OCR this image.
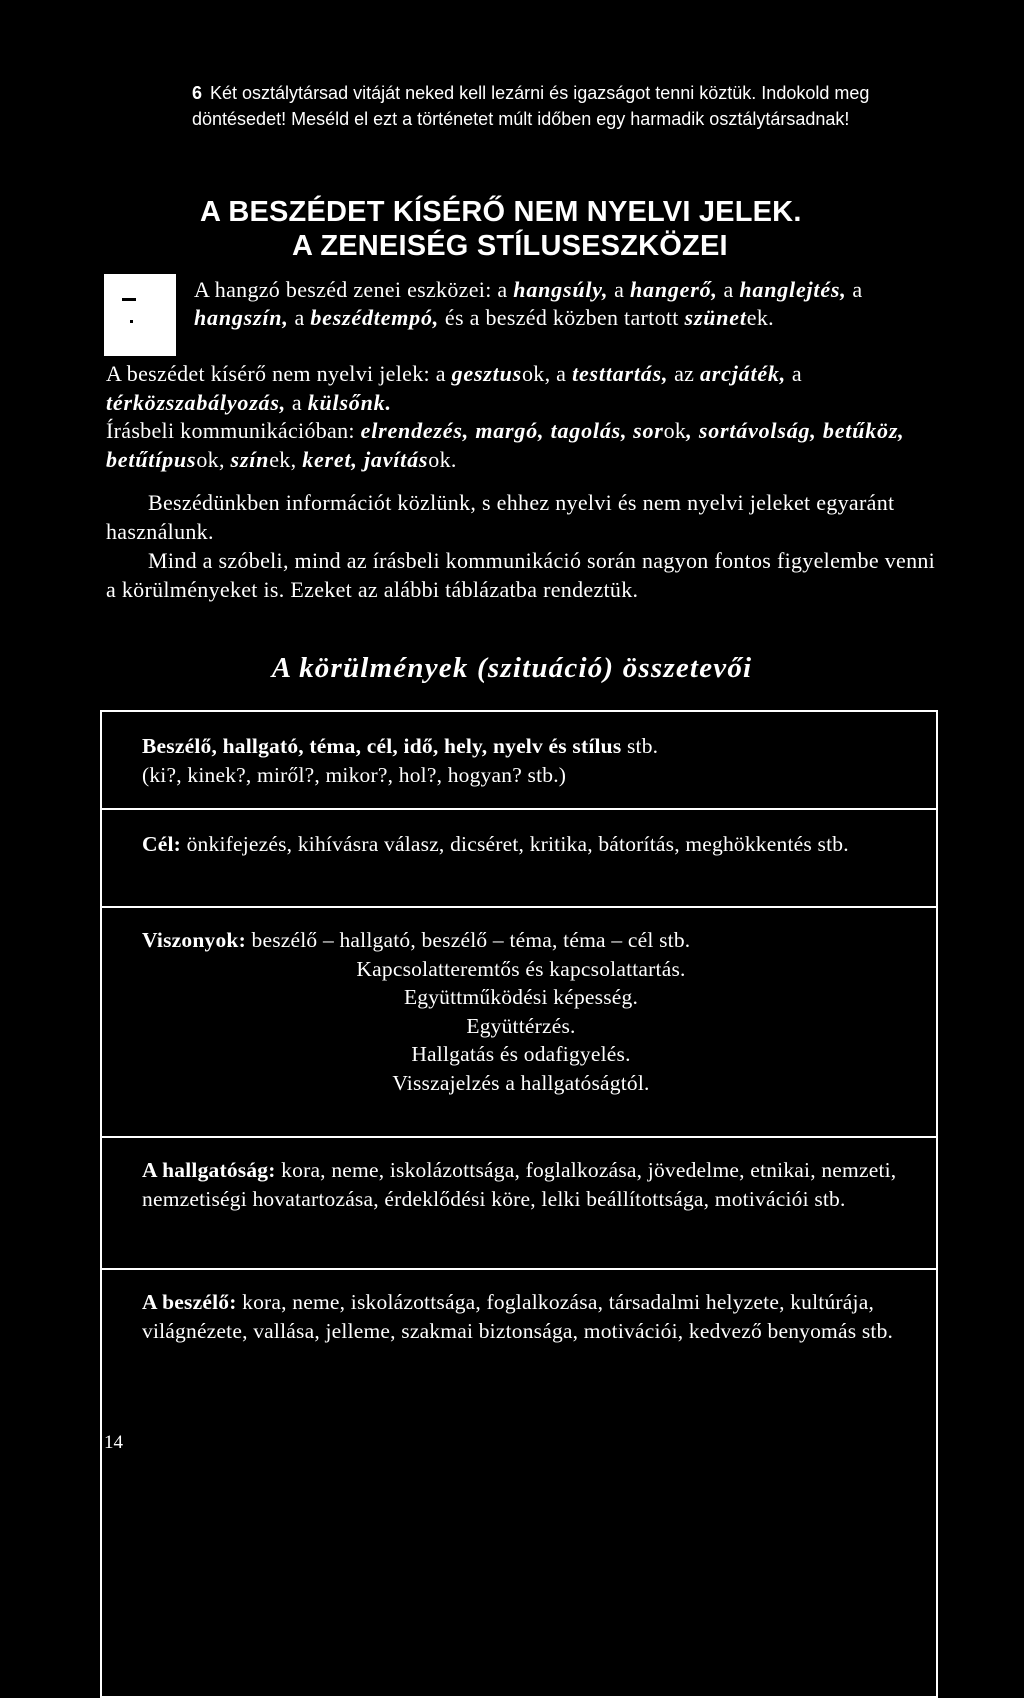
6 Két osztálytársad vitáját neked kell lezárni és igazságot tenni köztük. Indokold meg döntésedet! Meséld el ezt a történetet múlt időben egy harmadik osztálytársadnak!
A BESZÉDET KÍSÉRŐ NEM NYELVI JELEK.
A ZENEISÉG STÍLUSESZKÖZEI
A hangzó beszéd zenei eszközei: a hangsúly, a hangerő, a hanglejtés, a hangszín, a beszédtempó, és a beszéd közben tartott szünetek.
A beszédet kísérő nem nyelvi jelek: a gesztusok, a testtartás, az arcjáték, a térközszabályozás, a külsőnk.
Írásbeli kommunikációban: elrendezés, margó, tagolás, sorok, sortávolság, betűköz, betűtípusok, színek, keret, javítások.

Beszédünkben információt közlünk, s ehhez nyelvi és nem nyelvi jeleket egyaránt használunk.

Mind a szóbeli, mind az írásbeli kommunikáció során nagyon fontos figyelembe venni a körülményeket is. Ezeket az alábbi táblázatba rendeztük.

A körülmények (szituáció) összetevői
Beszélő, hallgató, téma, cél, idő, hely, nyelv és stílus stb.
(ki?, kinek?, miről?, mikor?, hol?, hogyan? stb.)
Cél: önkifejezés, kihívásra válasz, dicséret, kritika, bátorítás, meghökkentés stb.
Viszonyok: beszélő – hallgató, beszélő – téma, téma – cél stb.
Kapcsolatteremtős és kapcsolattartás.
Együttműködési képesség.
Együttérzés.
Hallgatás és odafigyelés.
Visszajelzés a hallgatóságtól.
A hallgatóság: kora, neme, iskolázottsága, foglalkozása, jövedelme, etnikai, nemzeti, nemzetiségi hovatartozása, érdeklődési köre, lelki beállítottsága, motivációi stb.
A beszélő: kora, neme, iskolázottsága, foglalkozása, társadalmi helyzete, kultúrája, világnézete, vallása, jelleme, szakmai biztonsága, motivációi, kedvező benyomás stb.
14
